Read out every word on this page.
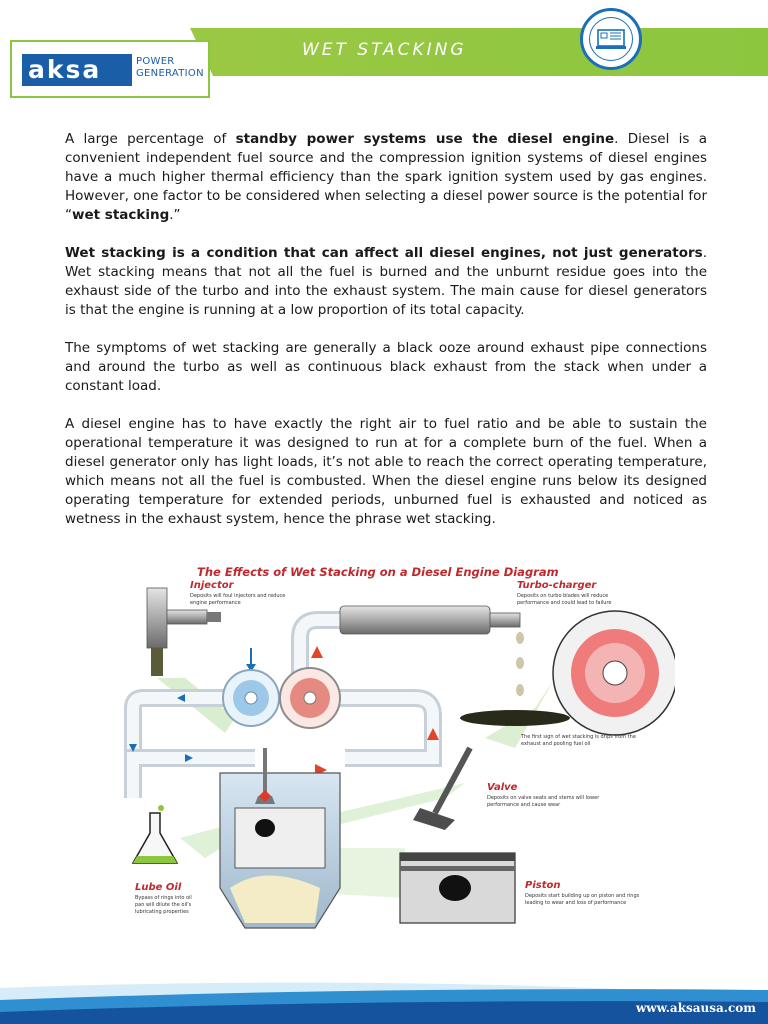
WET STACKING
aksa	POWER
GENERATION

A large percentage of standby power systems use the diesel engine. Diesel is a convenient independent fuel source and the compression ignition systems of diesel engines have a much higher thermal efficiency than the spark ignition system used by gas engines. However, one factor to be considered when selecting a diesel power source is the potential for “wet stacking.”

Wet stacking is a condition that can affect all diesel engines, not just generators. Wet stacking means that not all the fuel is burned and the unburnt residue goes into the exhaust side of the turbo and into the exhaust system. The main cause for diesel generators is that the engine is running at a low proportion of its total capacity.

The symptoms of wet stacking are generally a black ooze around exhaust pipe connections and around the turbo as well as continuous black exhaust from the stack when under a constant load.

A diesel engine has to have exactly the right air to fuel ratio and be able to sustain the operational temperature it was designed to run at for a complete burn of the fuel. When a diesel generator only has light loads, it’s not able to reach the correct operating temperature, which means not all the fuel is combusted. When the diesel engine runs below its designed operating temperature for extended periods, unburned fuel is exhausted and noticed as wetness in the exhaust system, hence the phrase wet stacking.

The Effects of Wet Stacking on a Diesel Engine Diagram
Injector
Deposits will foul injectors and reduce
engine performance
Turbo-charger
Deposits on turbo blades will reduce
performance and could lead to failure
The first sign of wet stacking is drips from the
exhaust and pooling fuel oil
Lube Oil
Bypass of rings into oil
pan will dilute the oil's
lubricating properties
Valve
Deposits on valve seats and stems will lower
performance and cause wear
Piston
Deposits start building up on piston and rings
leading to wear and loss of performance
www.aksausa.com
